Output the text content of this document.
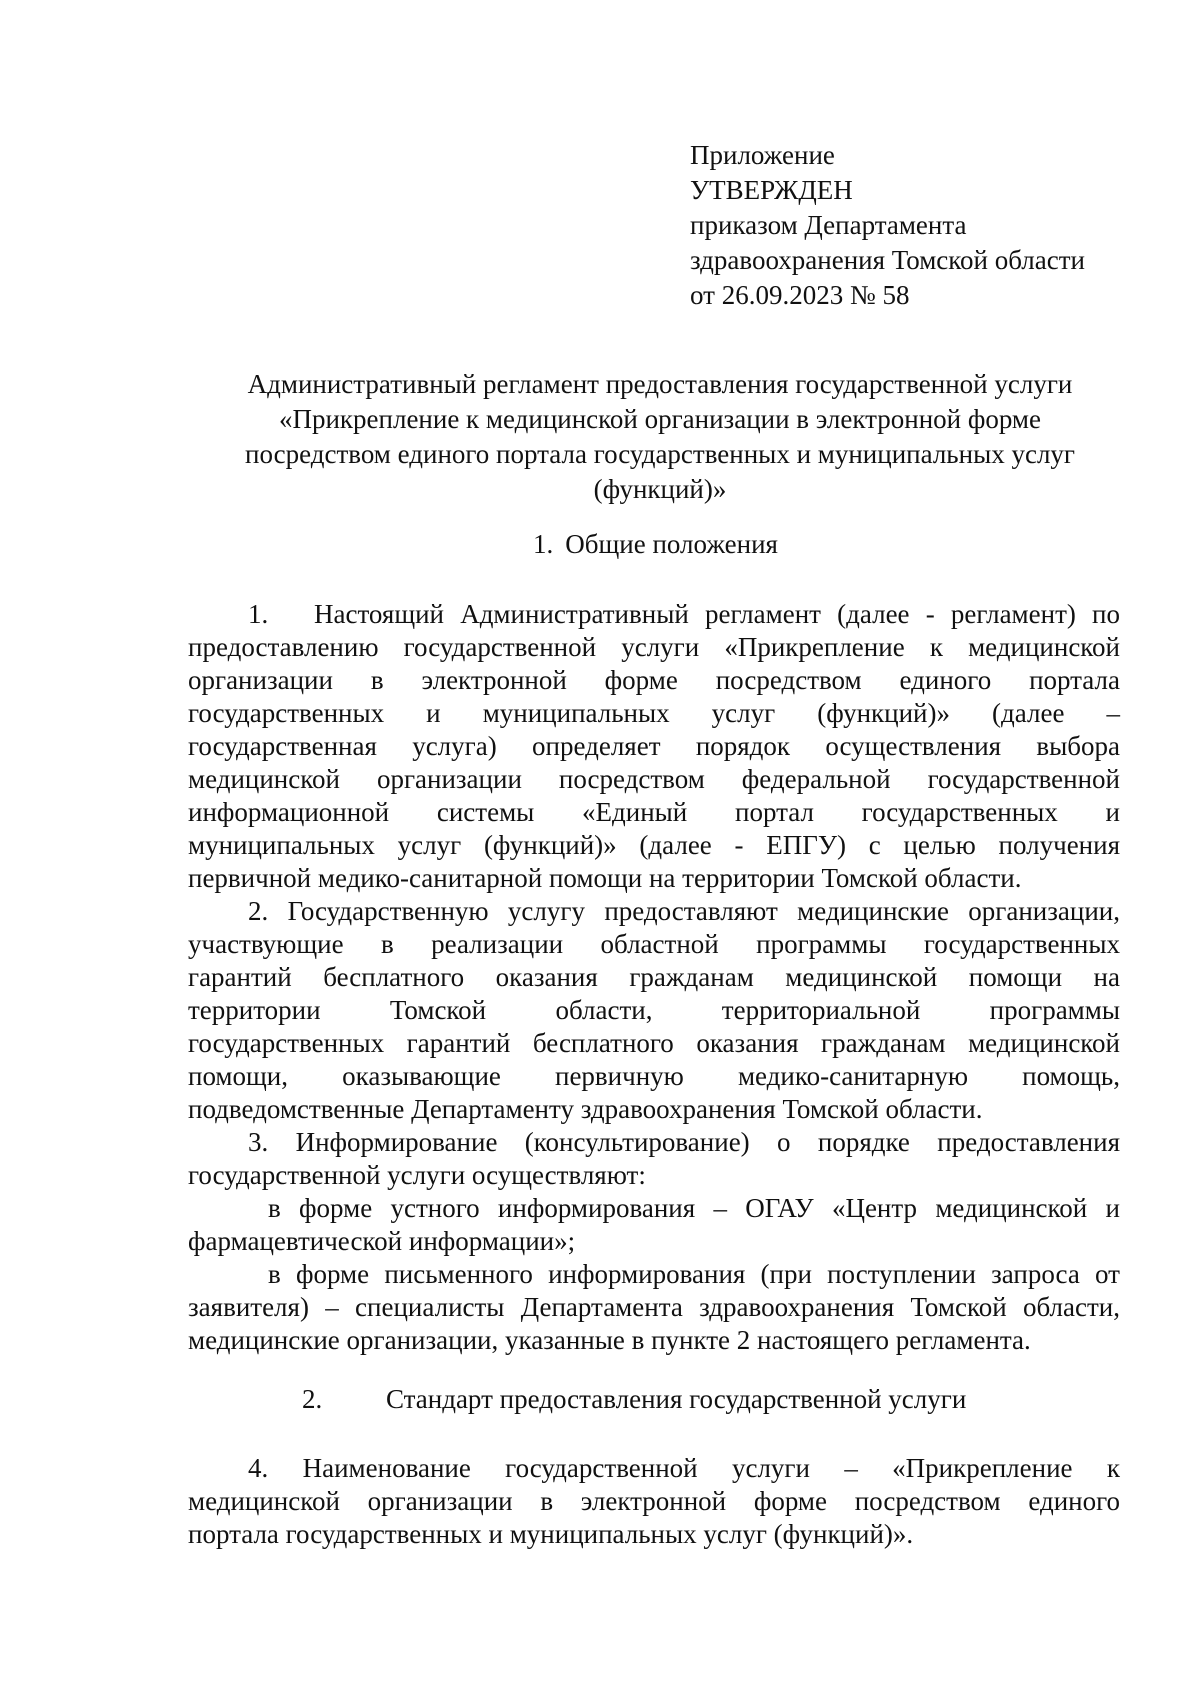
Приложение
УТВЕРЖДЕН
приказом Департамента
здравоохранения Томской области
от 26.09.2023 № 58
Административный регламент предоставления государственной услуги
«Прикрепление к медицинской организации в электронной форме
посредством единого портала государственных и муниципальных услуг
(функций)»
1. Общие положения
1. Настоящий Административный регламент (далее - регламент) по
предоставлению государственной услуги «Прикрепление к медицинской
организации в электронной форме посредством единого портала
государственных и муниципальных услуг (функций)» (далее –
государственная услуга) определяет порядок осуществления выбора
медицинской организации посредством федеральной государственной
информационной системы «Единый портал государственных и
муниципальных услуг (функций)» (далее - ЕПГУ) с целью получения
первичной медико-санитарной помощи на территории Томской области.
2. Государственную услугу предоставляют медицинские организации,
участвующие в реализации областной программы государственных
гарантий бесплатного оказания гражданам медицинской помощи на
территории Томской области, территориальной программы
государственных гарантий бесплатного оказания гражданам медицинской
помощи, оказывающие первичную медико-санитарную помощь,
подведомственные Департаменту здравоохранения Томской области.
3. Информирование (консультирование) о порядке предоставления
государственной услуги осуществляют:
в форме устного информирования – ОГАУ «Центр медицинской и
фармацевтической информации»;
в форме письменного информирования (при поступлении запроса от
заявителя) – специалисты Департамента здравоохранения Томской области,
медицинские организации, указанные в пункте 2 настоящего регламента.
2. Стандарт предоставления государственной услуги
4. Наименование государственной услуги – «Прикрепление к
медицинской организации в электронной форме посредством единого
портала государственных и муниципальных услуг (функций)».
